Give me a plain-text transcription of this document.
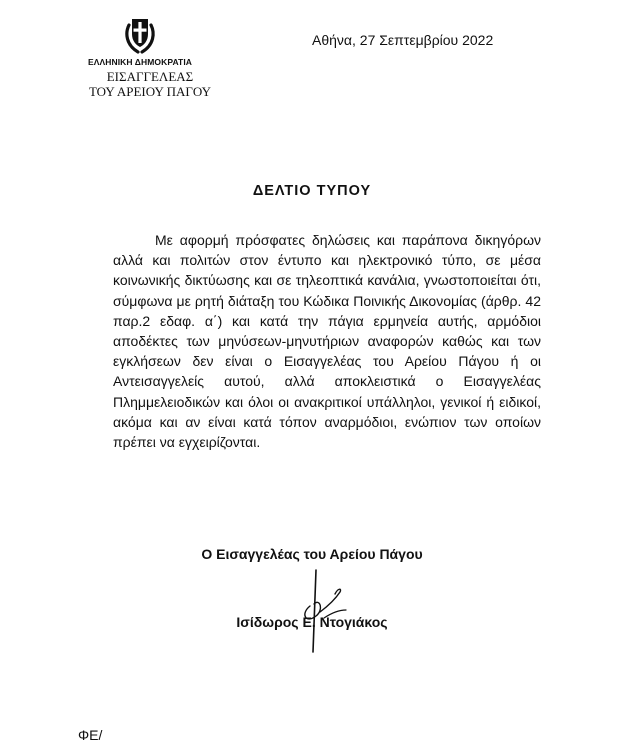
ΕΛΛΗΝΙΚΗ ΔΗΜΟΚΡΑΤΙΑ
ΕΙΣΑΓΓΕΛΕΑΣ
ΤΟΥ ΑΡΕΙΟΥ ΠΑΓΟΥ
Αθήνα, 27 Σεπτεμβρίου 2022
ΔΕΛΤΙΟ ΤΥΠΟΥ

Με αφορμή πρόσφατες δηλώσεις και παράπονα δικηγόρων αλλά και πολιτών στον έντυπο και ηλεκτρονικό τύπο, σε μέσα κοινωνικής δικτύωσης και σε τηλεοπτικά κανάλια, γνωστοποιείται ότι, σύμφωνα με ρητή διάταξη του Κώδικα Ποινικής Δικονομίας (άρθρ. 42 παρ.2 εδαφ. α΄) και κατά την πάγια ερμηνεία αυτής, αρμόδιοι αποδέκτες των μηνύσεων-μηνυτήριων αναφορών καθώς και των εγκλήσεων δεν είναι ο Εισαγγελέας του Αρείου Πάγου ή οι Αντεισαγγελείς αυτού, αλλά αποκλειστικά ο Εισαγγελέας Πλημμελειοδικών και όλοι οι ανακριτικοί υπάλληλοι, γενικοί ή ειδικοί, ακόμα και αν είναι κατά τόπον αναρμόδιοι, ενώπιον των οποίων πρέπει να εγχειρίζονται.

Ο Εισαγγελέας του Αρείου Πάγου
Ισίδωρος Ε. Ντογιάκος
ΦΕ/
